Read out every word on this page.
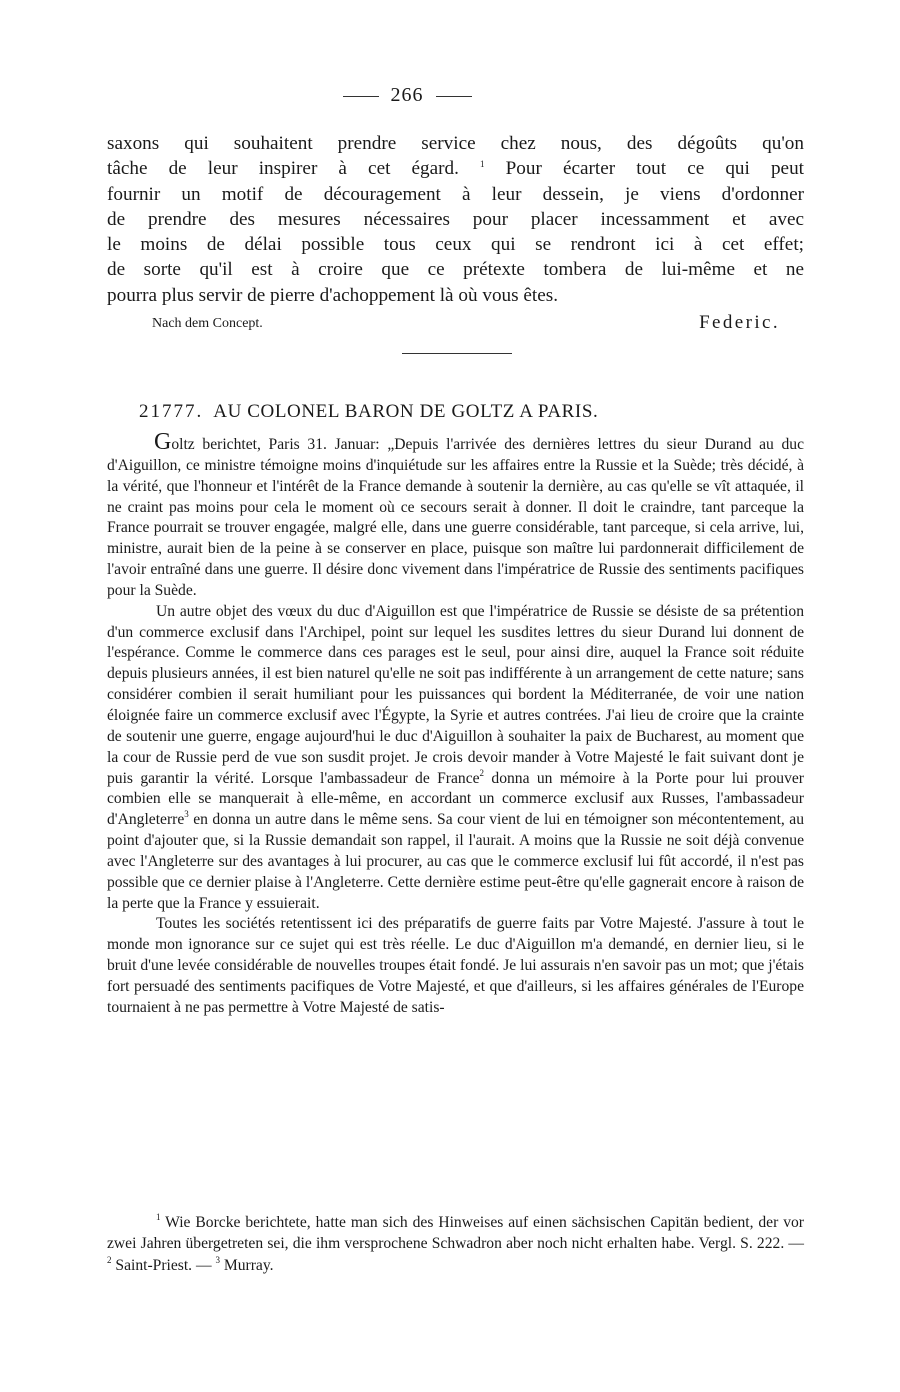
266

saxons qui souhaitent prendre service chez nous, des dégoûts qu'on

tâche de leur inspirer à cet égard. $^1$ Pour écarter tout ce qui peut

fournir un motif de découragement à leur dessein, je viens d'ordonner

de prendre des mesures nécessaires pour placer incessamment et avec

le moins de délai possible tous ceux qui se rendront ici à cet effet;

de sorte qu'il est à croire que ce prétexte tombera de lui-même et ne

pourra plus servir de pierre d'achoppement là où vous êtes.

Nach dem Concept.	Federic.
21777. AU COLONEL BARON DE GOLTZ A PARIS.

Goltz berichtet, Paris 31. Januar: „Depuis l'arrivée des dernières lettres du sieur Durand au duc d'Aiguillon, ce ministre témoigne moins d'inquiétude sur les affaires entre la Russie et la Suède; très décidé, à la vérité, que l'honneur et l'intérêt de la France demande à soutenir la dernière, au cas qu'elle se vît attaquée, il ne craint pas moins pour cela le moment où ce secours serait à donner. Il doit le craindre, tant parceque la France pourrait se trouver engagée, malgré elle, dans une guerre considérable, tant parceque, si cela arrive, lui, ministre, aurait bien de la peine à se conserver en place, puisque son maître lui pardonnerait difficilement de l'avoir entraîné dans une guerre. Il désire donc vivement dans l'impératrice de Russie des sentiments pacifiques pour la Suède.

Un autre objet des vœux du duc d'Aiguillon est que l'impératrice de Russie se désiste de sa prétention d'un commerce exclusif dans l'Archipel, point sur lequel les susdites lettres du sieur Durand lui donnent de l'espérance. Comme le commerce dans ces parages est le seul, pour ainsi dire, auquel la France soit réduite depuis plusieurs années, il est bien naturel qu'elle ne soit pas indifférente à un arrangement de cette nature; sans considérer combien il serait humiliant pour les puissances qui bordent la Méditerranée, de voir une nation éloignée faire un commerce exclusif avec l'Égypte, la Syrie et autres contrées. J'ai lieu de croire que la crainte de soutenir une guerre, engage aujourd'hui le duc d'Aiguillon à souhaiter la paix de Bucharest, au moment que la cour de Russie perd de vue son susdit projet. Je crois devoir mander à Votre Majesté le fait suivant dont je puis garantir la vérité. Lorsque l'ambassadeur de France$^2$ donna un mémoire à la Porte pour lui prouver combien elle se manquerait à elle-même, en accordant un commerce exclusif aux Russes, l'ambassadeur d'Angleterre$^3$ en donna un autre dans le même sens. Sa cour vient de lui en témoigner son mécontentement, au point d'ajouter que, si la Russie demandait son rappel, il l'aurait. A moins que la Russie ne soit déjà convenue avec l'Angleterre sur des avantages à lui procurer, au cas que le commerce exclusif lui fût accordé, il n'est pas possible que ce dernier plaise à l'Angleterre. Cette dernière estime peut-être qu'elle gagnerait encore à raison de la perte que la France y essuierait.

Toutes les sociétés retentissent ici des préparatifs de guerre faits par Votre Majesté. J'assure à tout le monde mon ignorance sur ce sujet qui est très réelle. Le duc d'Aiguillon m'a demandé, en dernier lieu, si le bruit d'une levée considérable de nouvelles troupes était fondé. Je lui assurais n'en savoir pas un mot; que j'étais fort persuadé des sentiments pacifiques de Votre Majesté, et que d'ailleurs, si les affaires générales de l'Europe tournaient à ne pas permettre à Votre Majesté de satis-

$^1$ Wie Borcke berichtete, hatte man sich des Hinweises auf einen sächsischen Capitän bedient, der vor zwei Jahren übergetreten sei, die ihm versprochene Schwadron aber noch nicht erhalten habe. Vergl. S. 222. — $^2$ Saint-Priest. — $^3$ Murray.
